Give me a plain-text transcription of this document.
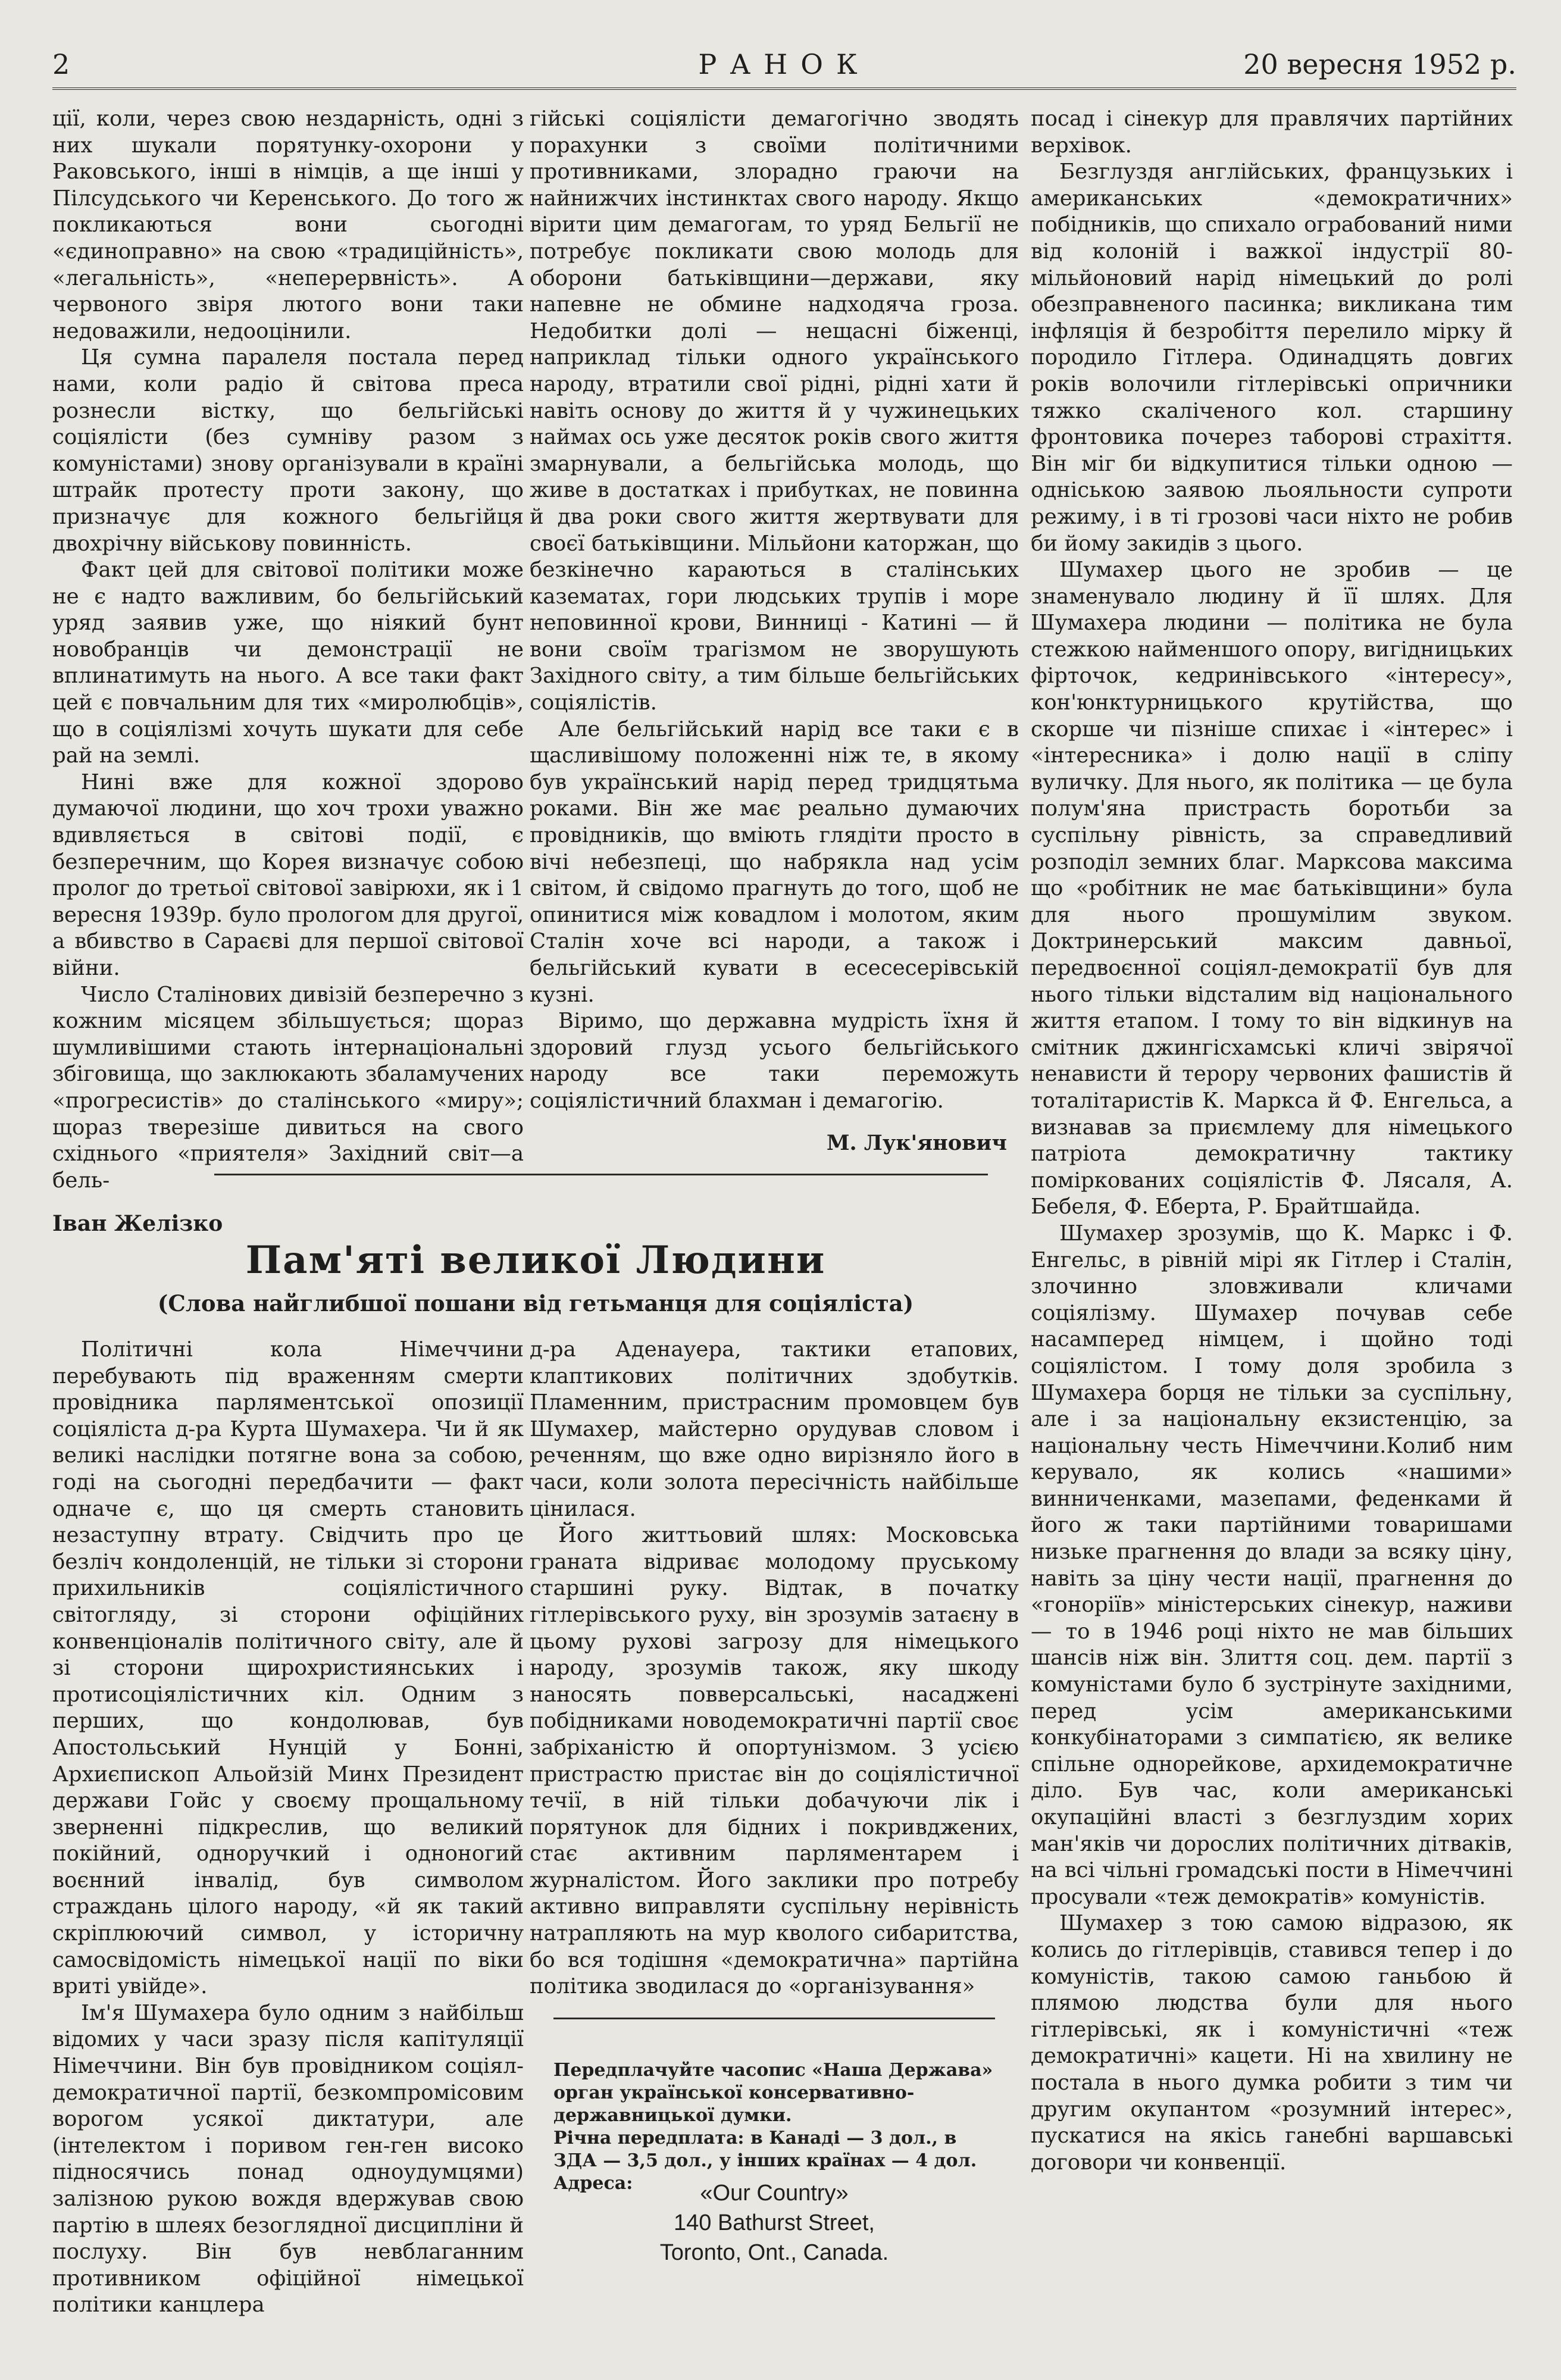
2	РАНОК	20 вересня 1952 р.

ції, коли, через свою нездарність, одні з них шукали порятунку-охорони у Раковського, інші в німців, а ще інші у Пілсудського чи Керенського. До того ж покликаються вони сьогодні «єдиноправно» на свою «традиційність», «легальність», «неперервність». А червоного звіря лютого вони таки недоважили, недооцінили.

Ця сумна паралеля постала перед нами, коли радіо й світова преса рознесли вістку, що бельгійські соціялісти (без сумніву разом з комуністами) знову організували в країні штрайк протесту проти закону, що призначує для кожного бельгійця двохрічну військову повинність.

Факт цей для світової політики може не є надто важливим, бо бельгійський уряд заявив уже, що ніякий бунт новобранців чи демонстрації не вплинатимуть на нього. А все таки факт цей є повчальним для тих «миролюбців», що в соціялізмі хочуть шукати для себе рай на землі.

Нині вже для кожної здорово думаючої людини, що хоч трохи уважно вдивляється в світові події, є безперечним, що Корея визначує собою пролог до третьої світової завірюхи, як і 1 вересня 1939р. було прологом для другої, а вбивство в Сараєві для першої світової війни.

Число Сталінових дивізій безперечно з кожним місяцем збільшується; щораз шумливішими стають інтернаціональні збіговища, що заклюкають збаламучених «прогресистів» до сталінського «миру»; щораз тверезіше дивиться на свого східнього «приятеля» Західний світ—а бель-

гійські соціялісти демагогічно зводять порахунки з своїми політичними противниками, злорадно граючи на найнижчих інстинктах свого народу. Якщо вірити цим демагогам, то уряд Бельгії не потребує покликати свою молодь для оборони батьківщини—держави, яку напевне не обмине надходяча гроза. Недобитки долі — нещасні біженці, наприклад тільки одного українського народу, втратили свої рідні, рідні хати й навіть основу до життя й у чужинецьких наймах ось уже десяток років свого життя змарнували, а бельгійська молодь, що живе в достатках і прибутках, не повинна й два роки свого життя жертвувати для своєї батьківщини. Мільйони каторжан, що безкінечно караються в сталінських казематах, гори людських трупів і море неповинної крови, Винниці - Катині — й вони своїм трагізмом не зворушують Західного світу, а тим більше бельгійських соціялістів.

Але бельгійський нарід все таки є в щасливішому положенні ніж те, в якому був український нарід перед тридцятьма роками. Він же має реально думаючих провідників, що вміють глядіти просто в вічі небезпеці, що набрякла над усім світом, й свідомо прагнуть до того, щоб не опинитися між ковадлом і молотом, яким Сталін хоче всі народи, а також і бельгійський кувати в есесесерівській кузні.

Віримо, що державна мудрість їхня й здоровий глузд усього бельгійського народу все таки переможуть соціялістичний блахман і демагогію.

М. Лук'янович

посад і сінекур для правлячих партійних верхівок.

Безглуздя англійських, французьких і американських «демократичних» побідників, що спихало ограбований ними від колоній і важкої індустрії 80-мільйоновий нарід німецький до ролі обезправненого пасинка; викликана тим інфляція й безробіття перелило мірку й породило Гітлера. Одинадцять довгих років волочили гітлерівські опричники тяжко скаліченого кол. старшину фронтовика почерез таборові страхіття. Він міг би відкупитися тільки одною — одніською заявою льояльности супроти режиму, і в ті грозові часи ніхто не робив би йому закидів з цього.

Шумахер цього не зробив — це знаменувало людину й її шлях. Для Шумахера людини — політика не була стежкою найменшого опору, вигідницьких фірточок, кедринівського «інтересу», кон'юнктурницького крутійства, що скорше чи пізніше спихає і «інтерес» і «інтересника» і долю нації в сліпу вуличку. Для нього, як політика — це була полум'яна пристрасть боротьби за суспільну рівність, за справедливий розподіл земних благ. Марксова максима що «робітник не має батьківщини» була для нього прошумілим звуком. Доктринерський максим давньої, передвоєнної соціял-демократії був для нього тільки відсталим від національного життя етапом. І тому то він відкинув на смітник джингісхамські кличі звірячої ненависти й терору червоних фашистів й тоталітаристів К. Маркса й Ф. Енгельса, а визнавав за приємлему для німецького патріота демократичну тактику поміркованих соціялістів Ф. Лясаля, А. Бебеля, Ф. Еберта, Р. Брайтшайда.

Шумахер зрозумів, що К. Маркс і Ф. Енгельс, в рівній мірі як Гітлер і Сталін, злочинно зловживали кличами соціялізму. Шумахер почував себе насамперед німцем, і щойно тоді соціялістом. І тому доля зробила з Шумахера борця не тільки за суспільну, але і за національну екзистенцію, за національну честь Німеччини.Колиб ним керувало, як колись «нашими» винниченками, мазепами, феденками й його ж таки партійними товаришами низьке прагнення до влади за всяку ціну, навіть за ціну чести нації, прагнення до «гоноріїв» міністерських сінекур, наживи — то в 1946 році ніхто не мав більших шансів ніж він. Злиття соц. дем. партії з комуністами було б зустрінуте західними, перед усім американськими конкубінаторами з симпатією, як велике спільне однорейкове, архидемократичне діло. Був час, коли американські окупаційні власті з безглуздим хорих ман'яків чи дорослих політичних дітваків, на всі чільні громадські пости в Німеччині просували «теж демократів» комуністів.

Шумахер з тою самою відразою, як колись до гітлерівців, ставився тепер і до комуністів, такою самою ганьбою й плямою людства були для нього гітлерівські, як і комуністичні «теж демократичні» кацети. Ні на хвилину не постала в нього думка робити з тим чи другим окупантом «розумний інтерес», пускатися на якісь ганебні варшавські договори чи конвенції.

Іван Желізко
Пам'яті великої Людини
(Слова найглибшої пошани від гетьманця для соціяліста)

Політичні кола Німеччини перебувають під враженням смерти провідника парляментської опозиції соціяліста д-ра Курта Шумахера. Чи й як великі наслідки потягне вона за собою, годі на сьогодні передбачити — факт одначе є, що ця смерть становить незаступну втрату. Свідчить про це безліч кондоленцій, не тільки зі сторони прихильників соціялістичного світогляду, зі сторони офіційних конвенціоналів політичного світу, але й зі сторони щирохристиянських і протисоціялістичних кіл. Одним з перших, що кондолював, був Апостольський Нунцій у Бонні, Архиєпископ Альойзій Минх Президент держави Гойс у своєму прощальному зверненні підкреслив, що великий покійний, одноручкий і одноногий воєнний інвалід, був символом страждань цілого народу, «й як такий скріплюючий символ, у історичну самосвідомість німецької нації по віки вриті увійде».

Ім'я Шумахера було одним з найбільш відомих у часи зразу після капітуляції Німеччини. Він був провідником соціял-демократичної партії, безкомпромісовим ворогом усякої диктатури, але (інтелектом і поривом ген-ген високо підносячись понад одноудумцями) залізною рукою вождя вдержував свою партію в шлеях безоглядної дисципліни й послуху. Він був невблаганним противником офіційної німецької політики канцлера

д-ра Аденауера, тактики етапових, клаптикових політичних здобутків. Пламенним, пристрасним промовцем був Шумахер, майстерно орудував словом і реченням, що вже одно вирізняло його в часи, коли золота пересічність найбільше цінилася.

Його життьовий шлях: Московська граната відриває молодому пруському старшині руку. Відтак, в початку гітлерівського руху, він зрозумів затаєну в цьому рухові загрозу для німецького народу, зрозумів також, яку шкоду наносять повверсальські, насаджені побідниками новодемократичні партії своє забріханістю й опортунізмом. З усією пристрастю пристає він до соціялістичної течії, в ній тільки добачуючи лік і порятунок для бідних і покривджених, стає активним парляментарем і журналістом. Його заклики про потребу активно виправляти суспільну нерівність натрапляють на мур кволого сибаритства, бо вся тодішня «демократична» партійна політика зводилася до «організування»

Передплачуйте часопис «Наша Держава» орган української консервативно-державницької думки.

Річна передплата: в Канаді — 3 дол., в ЗДА — 3,5 дол., у інших країнах — 4 дол.

Адреса:	«Our Country»
140 Bathurst Street,
Toronto, Ont., Canada.
